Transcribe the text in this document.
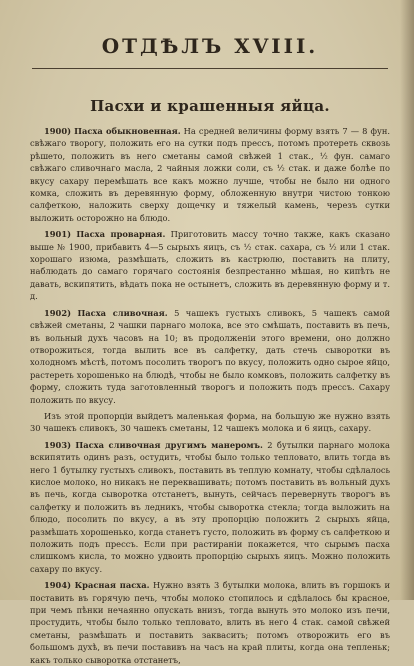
ОТДѢЛЪ XVIII.
Пасхи и крашенныя яйца.

1900) Пасха обыкновенная. На средней величины форму взять 7 — 8 фун. свѣжаго творогу, положить его на сутки подъ прессъ, потомъ протереть сквозь рѣшето, положить въ него сметаны самой свѣжей 1 стак., ½ фун. самаго свѣжаго сливочнаго масла, 2 чайныя ложки соли, съ ½ стак. и даже болѣе по вкусу сахару перемѣшать все какъ можно лучше, чтобы не было ни одного комка, сложить въ деревянную форму, обложенную внутри чистою тонкою салфеткою, наложить сверху дощечку и тяжелый камень, черезъ сутки выложить осторожно на блюдо.

1901) Пасха проварная. Приготовить массу точно также, какъ сказано выше № 1900, прибавить 4—5 сырыхъ яицъ, съ ½ стак. сахара, съ ½ или 1 стак. хорошаго изюма, размѣшать, сложить въ кастрюлю, поставить на плиту, наблюдать до самаго горячаго состоянія безпрестанно мѣшая, но кипѣть не давать, вскипятить, вѣдать пока не остынетъ, сложить въ деревянную форму и т. д.

1902) Пасха сливочная. 5 чашекъ густыхъ сливокъ, 5 чашекъ самой свѣжей сметаны, 2 чашки парнаго молока, все это смѣшать, поставить въ печь, въ вольный духъ часовъ на 10; въ продолженіи этого времени, оно должно отворожиться, тогда вылить все въ салфетку, дать стечь сыворотки въ холодномъ мѣстѣ, потомъ посолить творогъ по вкусу, положить одно сырое яйцо, растереть хорошенько на блюдѣ, чтобы не было комковъ, положить салфетку въ форму, сложить туда заготовленный творогъ и положить подъ прессъ. Сахару положить по вкусу.

Изъ этой пропорціи выйдетъ маленькая форма, на большую же нужно взять 30 чашекъ сливокъ, 30 чашекъ сметаны, 12 чашекъ молока и 6 яицъ, сахару.

1903) Пасха сливочная другимъ манеромъ. 2 бутылки парнаго молока вскипятить одинъ разъ, остудить, чтобы было только тепловато, влить тогда въ него 1 бутылку густыхъ сливокъ, поставить въ теплую комнату, чтобы сдѣлалось кислое молоко, но никакъ не переквашивать; потомъ поставить въ вольный духъ въ печь, когда сыворотка отстанетъ, вынуть, сейчасъ перевернуть творогъ въ салфетку и положить въ ледникъ, чтобы сыворотка стекла; тогда выложить на блюдо, посолить по вкусу, а въ эту пропорцію положить 2 сырыхъ яйца, размѣшать хорошенько, когда станетъ густо, положить въ форму съ салфеткою и положить подъ прессъ. Если при растираніи покажется, что сырымъ пасха слишкомъ кисла, то можно удвоить пропорцію сырыхъ яицъ. Можно положить сахару по вкусу.

1904) Красная пасха. Нужно взять 3 бутылки молока, влить въ горшокъ и поставить въ горячую печь, чтобы молоко стопилось и сдѣлалось бы красное, при чемъ пѣнки нечаянно опускать внизъ, тогда вынуть это молоко изъ печи, простудить, чтобы было только тепловато, влить въ него 4 стак. самой свѣжей сметаны, размѣшать и поставить заквасить; потомъ отворожить его въ большомъ духѣ, въ печи поставивъ на часъ на край плиты, когда она тепленьк; какъ только сыворотка отстанетъ,
